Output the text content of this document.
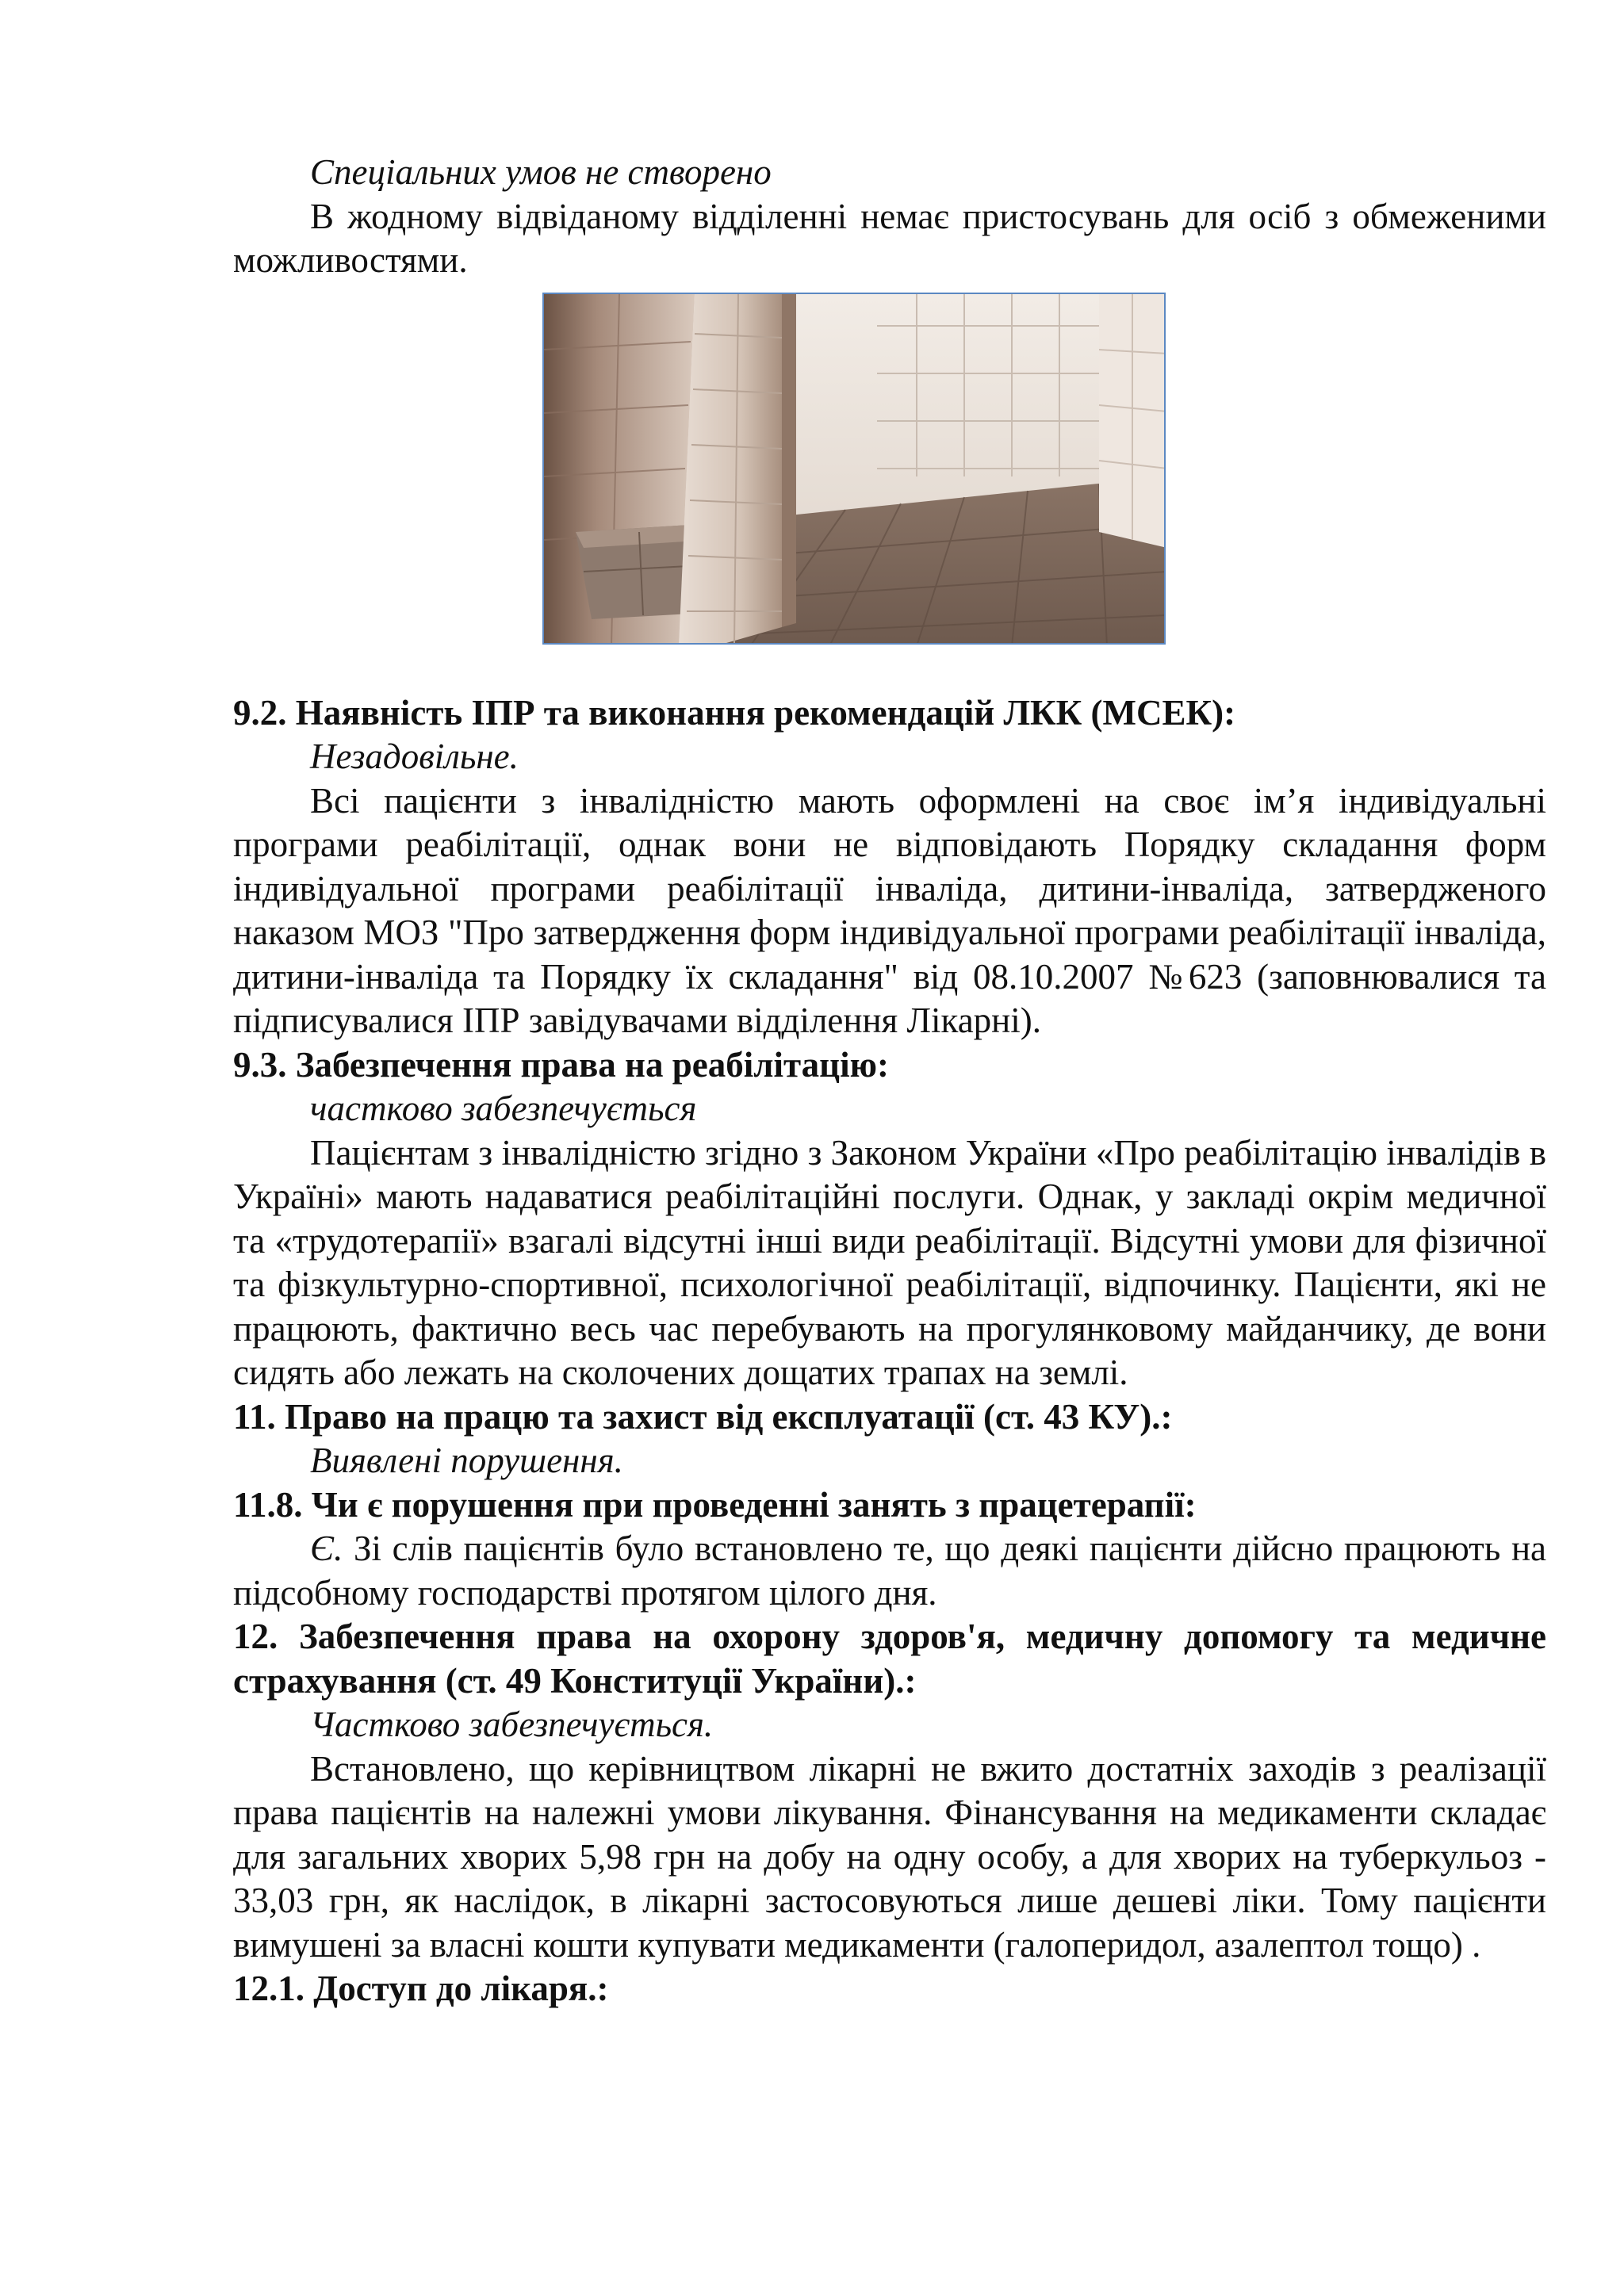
Спеціальних умов не створено

В жодному відвіданому відділенні немає пристосувань для осіб з обмеженими можливостями.

9.2. Наявність ІПР та виконання рекомендацій ЛКК (МСЕК):

Незадовільне.

Всі пацієнти з інвалідністю мають оформлені на своє ім’я індивідуальні програми реабілітації, однак вони не відповідають Порядку складання форм індивідуальної програми реабілітації інваліда, дитини-інваліда, затвердженого наказом МОЗ "Про затвердження форм індивідуальної програми реабілітації інваліда, дитини-інваліда та Порядку їх складання" від 08.10.2007 №623 (заповнювалися та підписувалися ІПР завідувачами відділення Лікарні).

9.3. Забезпечення права на реабілітацію:

частково забезпечується

Пацієнтам з інвалідністю згідно з Законом України «Про реабілітацію інвалідів в Україні» мають надаватися реабілітаційні послуги. Однак, у закладі окрім медичної та «трудотерапії» взагалі відсутні інші види реабілітації. Відсутні умови для фізичної та фізкультурно-спортивної, психологічної реабілітації, відпочинку. Пацієнти, які не працюють, фактично весь час перебувають на прогулянковому майданчику, де вони сидять або лежать на сколочених дощатих трапах на землі.

11. Право на працю та захист від експлуатації (ст. 43 КУ).:

Виявлені порушення.

11.8. Чи є порушення при проведенні занять з працетерапії:

Є. Зі слів пацієнтів було встановлено те, що деякі пацієнти дійсно працюють на підсобному господарстві протягом цілого дня.

12. Забезпечення права на охорону здоров'я, медичну допомогу та медичне страхування (ст. 49 Конституції України).:

Частково забезпечується.

Встановлено, що керівництвом лікарні не вжито достатніх заходів з реалізації права пацієнтів на належні умови лікування. Фінансування на медикаменти складає для загальних хворих 5,98 грн на добу на одну особу, а для хворих на туберкульоз - 33,03 грн, як наслідок, в лікарні застосовуються лише дешеві ліки. Тому пацієнти вимушені за власні кошти купувати медикаменти (галоперидол, азалептол тощо) .

12.1. Доступ до лікаря.:
